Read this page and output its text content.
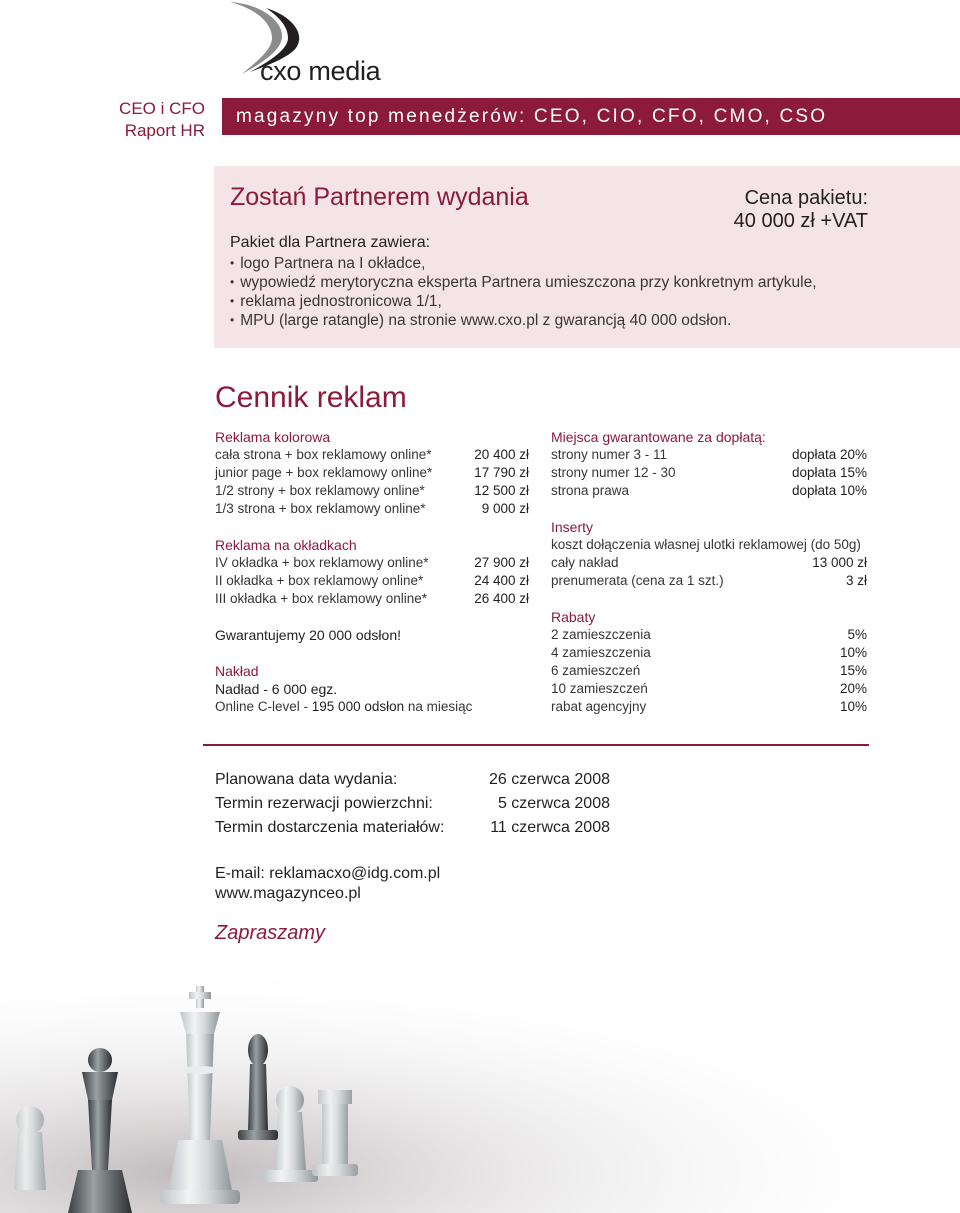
cxo media
CEO i CFO
Raport HR
magazyny top menedżerów: CEO, CIO, CFO, CMO, CSO
Zostań Partnerem wydania	Cena pakietu:
40 000 zł +VAT
Pakiet dla Partnera zawiera:
• logo Partnera na I okładce,
• wypowiedź merytoryczna eksperta Partnera umieszczona przy konkretnym artykule,
• reklama jednostronicowa 1/1,
• MPU (large ratangle) na stronie www.cxo.pl z gwarancją 40 000 odsłon.
Cennik reklam
Reklama kolorowa
cała strona + box reklamowy online*	20 400 zł
junior page + box reklamowy online*	17 790 zł
1/2 strony + box reklamowy online*	12 500 zł
1/3 strona + box reklamowy online*	9 000 zł
Reklama na okładkach
IV okładka + box reklamowy online*	27 900 zł
II okładka + box reklamowy online*	24 400 zł
III okładka + box reklamowy online*	26 400 zł
Gwarantujemy 20 000 odsłon!
Nakład
Nadład - 6 000 egz.
Online C-level - 195 000 odsłon na miesiąc
Miejsca gwarantowane za dopłatą:
strony numer 3 - 11	dopłata 20%
strony numer 12 - 30	dopłata 15%
strona prawa	dopłata 10%
Inserty
koszt dołączenia własnej ulotki reklamowej (do 50g)
cały nakład	13 000 zł
prenumerata (cena za 1 szt.)	3 zł
Rabaty
2 zamieszczenia	5%
4 zamieszczenia	10%
6 zamieszczeń	15%
10 zamieszczeń	20%
rabat agencyjny	10%
Planowana data wydania:	26 czerwca 2008
Termin rezerwacji powierzchni:	5 czerwca 2008
Termin dostarczenia materiałów:	11 czerwca 2008
E-mail: reklamacxo@idg.com.pl
www.magazynceo.pl
Zapraszamy
